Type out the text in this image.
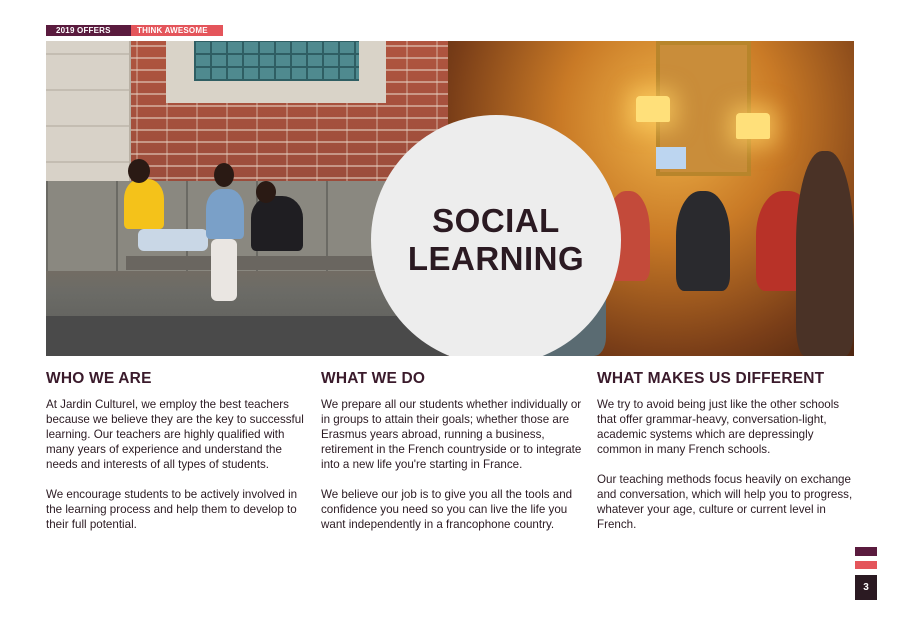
2019 OFFERS	THINK AWESOME
SOCIAL
LEARNING
WHO WE ARE

At Jardin Culturel, we employ the best teachers because we believe they are the key to successful learning. Our teachers are highly qualified with many years of experience and understand the needs and interests of all types of students.

We encourage students to be actively involved in the learning process and help them to develop to their full potential.

WHAT WE DO

We prepare all our students whether individually or in groups to attain their goals; whether those are Erasmus years abroad, running a business, retirement in the French countryside or to integrate into a new life you're starting in France.

We believe our job is to give you all the tools and confidence you need so you can live the life you want independently in a francophone country.

WHAT MAKES US DIFFERENT

We try to avoid being just like the other schools that offer grammar-heavy, conversation-light, academic systems which are depressingly common in many French schools.

Our teaching methods focus heavily on exchange and conversation, which will help you to progress, whatever your age, culture or current level in French.

3
